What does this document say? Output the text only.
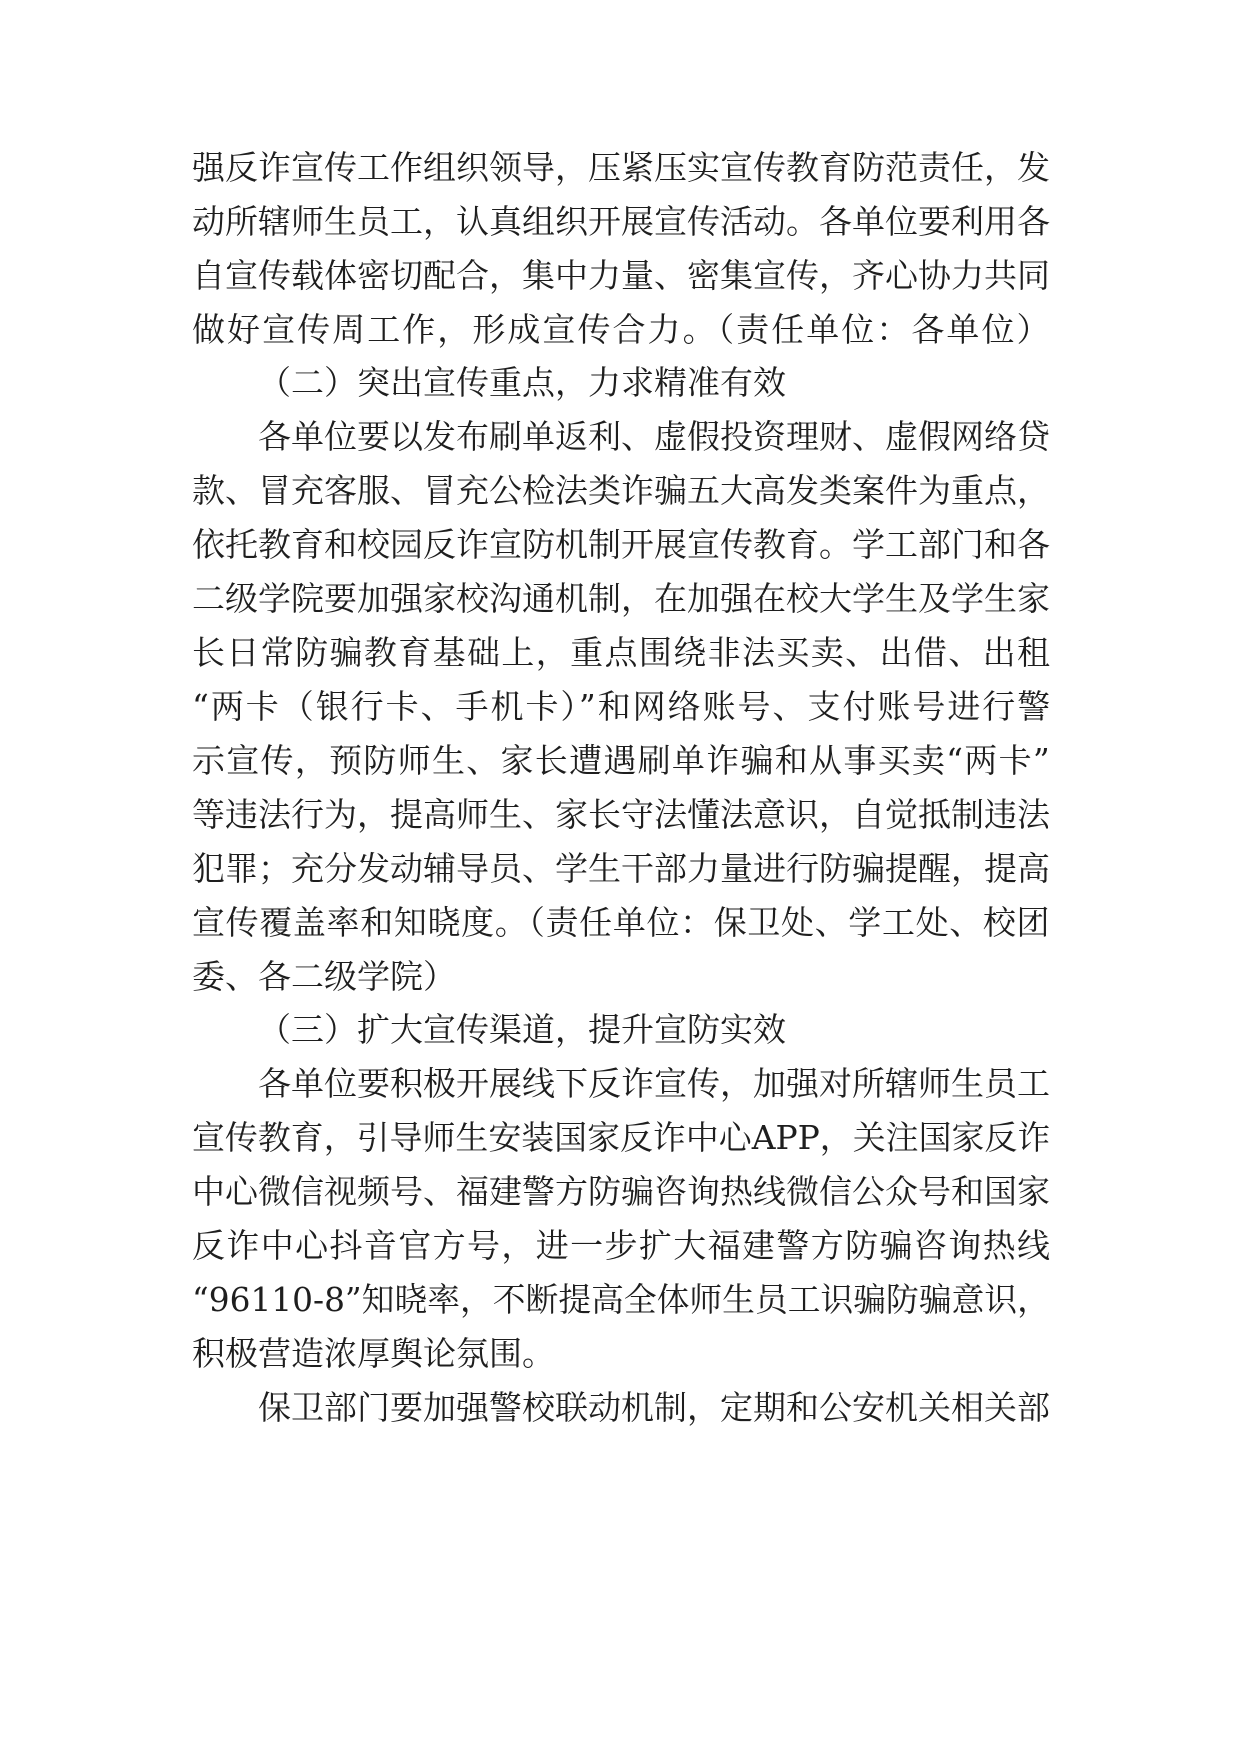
强反诈宣传工作组织领导，压紧压实宣传教育防范责任，发
动所辖师生员工，认真组织开展宣传活动。各单位要利用各
自宣传载体密切配合，集中力量、密集宣传，齐心协力共同
做好宣传周工作，形成宣传合力。（责任单位：各单位）
（二）突出宣传重点，力求精准有效
各单位要以发布刷单返利、虚假投资理财、虚假网络贷
款、冒充客服、冒充公检法类诈骗五大高发类案件为重点，
依托教育和校园反诈宣防机制开展宣传教育。学工部门和各
二级学院要加强家校沟通机制，在加强在校大学生及学生家
长日常防骗教育基础上，重点围绕非法买卖、出借、出租
“两卡（银行卡、手机卡）”和网络账号、支付账号进行警
示宣传，预防师生、家长遭遇刷单诈骗和从事买卖“两卡”
等违法行为，提高师生、家长守法懂法意识，自觉抵制违法
犯罪；充分发动辅导员、学生干部力量进行防骗提醒，提高
宣传覆盖率和知晓度。（责任单位：保卫处、学工处、校团
委、各二级学院）
（三）扩大宣传渠道，提升宣防实效
各单位要积极开展线下反诈宣传，加强对所辖师生员工
宣传教育，引导师生安装国家反诈中心APP，关注国家反诈
中心微信视频号、福建警方防骗咨询热线微信公众号和国家
反诈中心抖音官方号，进一步扩大福建警方防骗咨询热线
“96110-8”知晓率，不断提高全体师生员工识骗防骗意识，
积极营造浓厚舆论氛围。
保卫部门要加强警校联动机制，定期和公安机关相关部
